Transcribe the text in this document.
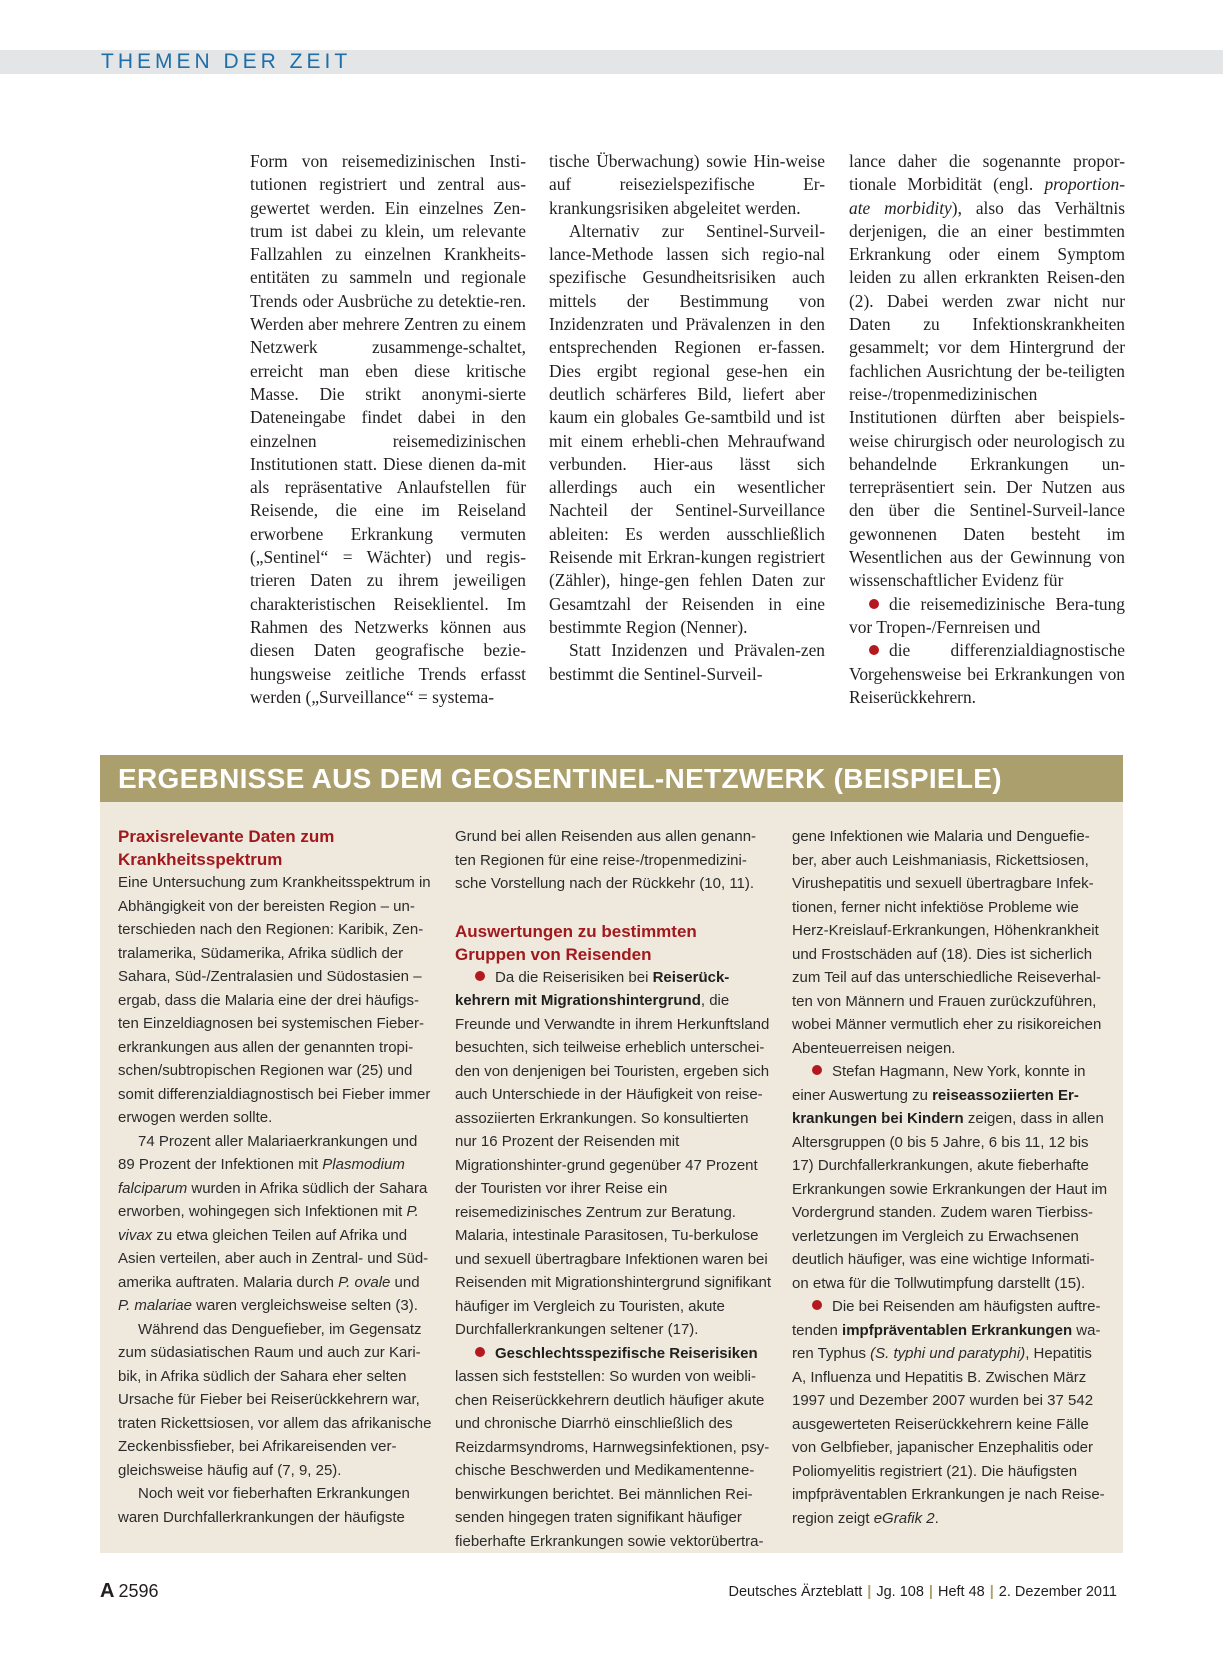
THEMEN DER ZEIT

Form von reisemedizinischen Insti-tutionen registriert und zentral aus-gewertet werden. Ein einzelnes Zen-trum ist dabei zu klein, um relevante Fallzahlen zu einzelnen Krankheits-entitäten zu sammeln und regionale Trends oder Ausbrüche zu detektie-ren. Werden aber mehrere Zentren zu einem Netzwerk zusammenge-schaltet, erreicht man eben diese kritische Masse. Die strikt anonymi-sierte Dateneingabe findet dabei in den einzelnen reisemedizinischen Institutionen statt. Diese dienen da-mit als repräsentative Anlaufstellen für Reisende, die eine im Reiseland erworbene Erkrankung vermuten („Sentinel“ = Wächter) und regis-trieren Daten zu ihrem jeweiligen charakteristischen Reiseklientel. Im Rahmen des Netzwerks können aus diesen Daten geografische bezie-hungsweise zeitliche Trends erfasst werden („Surveillance“ = systema-

tische Überwachung) sowie Hin-weise auf reisezielspezifische Er-krankungsrisiken abgeleitet werden.

Alternativ zur Sentinel-Surveil-lance-Methode lassen sich regio-nal spezifische Gesundheitsrisiken auch mittels der Bestimmung von Inzidenzraten und Prävalenzen in den entsprechenden Regionen er-fassen. Dies ergibt regional gese-hen ein deutlich schärferes Bild, liefert aber kaum ein globales Ge-samtbild und ist mit einem erhebli-chen Mehraufwand verbunden. Hier-aus lässt sich allerdings auch ein wesentlicher Nachteil der Sentinel-Surveillance ableiten: Es werden ausschließlich Reisende mit Erkran-kungen registriert (Zähler), hinge-gen fehlen Daten zur Gesamtzahl der Reisenden in eine bestimmte Region (Nenner).

Statt Inzidenzen und Prävalen-zen bestimmt die Sentinel-Surveil-

lance daher die sogenannte propor-tionale Morbidität (engl. proportion-ate morbidity), also das Verhältnis derjenigen, die an einer bestimmten Erkrankung oder einem Symptom leiden zu allen erkrankten Reisen-den (2). Dabei werden zwar nicht nur Daten zu Infektionskrankheiten gesammelt; vor dem Hintergrund der fachlichen Ausrichtung der be-teiligten reise-/tropenmedizinischen Institutionen dürften aber beispiels-weise chirurgisch oder neurologisch zu behandelnde Erkrankungen un-terrepräsentiert sein. Der Nutzen aus den über die Sentinel-Surveil-lance gewonnenen Daten besteht im Wesentlichen aus der Gewinnung von wissenschaftlicher Evidenz für

die reisemedizinische Bera-tung vor Tropen-/Fernreisen und

die differenzialdiagnostische Vorgehensweise bei Erkrankungen von Reiserückkehrern.

ERGEBNISSE AUS DEM GEOSENTINEL-NETZWERK (BEISPIELE)
Praxisrelevante Daten zum Krankheitsspektrum

Eine Untersuchung zum Krankheitsspektrum in Abhängigkeit von der bereisten Region – un-terschieden nach den Regionen: Karibik, Zen-tralamerika, Südamerika, Afrika südlich der Sahara, Süd-/Zentralasien und Südostasien – ergab, dass die Malaria eine der drei häufigs-ten Einzeldiagnosen bei systemischen Fieber-erkrankungen aus allen der genannten tropi-schen/subtropischen Regionen war (25) und somit differenzialdiagnostisch bei Fieber immer erwogen werden sollte.

74 Prozent aller Malariaerkrankungen und 89 Prozent der Infektionen mit Plasmodium falciparum wurden in Afrika südlich der Sahara erworben, wohingegen sich Infektionen mit P. vivax zu etwa gleichen Teilen auf Afrika und Asien verteilen, aber auch in Zentral- und Süd-amerika auftraten. Malaria durch P. ovale und P. malariae waren vergleichsweise selten (3).

Während das Denguefieber, im Gegensatz zum südasiatischen Raum und auch zur Kari-bik, in Afrika südlich der Sahara eher selten Ursache für Fieber bei Reiserückkehrern war, traten Rickettsiosen, vor allem das afrikanische Zeckenbissfieber, bei Afrikareisenden ver-gleichsweise häufig auf (7, 9, 25).

Noch weit vor fieberhaften Erkrankungen waren Durchfallerkrankungen der häufigste

Grund bei allen Reisenden aus allen genann-ten Regionen für eine reise-/tropenmedizini-sche Vorstellung nach der Rückkehr (10, 11).

Auswertungen zu bestimmten Gruppen von Reisenden

Da die Reiserisiken bei Reiserück-kehrern mit Migrationshintergrund, die Freunde und Verwandte in ihrem Herkunftsland besuchten, sich teilweise erheblich unterschei-den von denjenigen bei Touristen, ergeben sich auch Unterschiede in der Häufigkeit von reise-assoziierten Erkrankungen. So konsultierten nur 16 Prozent der Reisenden mit Migrationshinter-grund gegenüber 47 Prozent der Touristen vor ihrer Reise ein reisemedizinisches Zentrum zur Beratung. Malaria, intestinale Parasitosen, Tu-berkulose und sexuell übertragbare Infektionen waren bei Reisenden mit Migrationshintergrund signifikant häufiger im Vergleich zu Touristen, akute Durchfallerkrankungen seltener (17).

Geschlechtsspezifische Reiserisiken lassen sich feststellen: So wurden von weibli-chen Reiserückkehrern deutlich häufiger akute und chronische Diarrhö einschließlich des Reizdarmsyndroms, Harnwegsinfektionen, psy-chische Beschwerden und Medikamentenne-benwirkungen berichtet. Bei männlichen Rei-senden hingegen traten signifikant häufiger fieberhafte Erkrankungen sowie vektorübertra-

gene Infektionen wie Malaria und Denguefie-ber, aber auch Leishmaniasis, Rickettsiosen, Virushepatitis und sexuell übertragbare Infek-tionen, ferner nicht infektiöse Probleme wie Herz-Kreislauf-Erkrankungen, Höhenkrankheit und Frostschäden auf (18). Dies ist sicherlich zum Teil auf das unterschiedliche Reiseverhal-ten von Männern und Frauen zurückzuführen, wobei Männer vermutlich eher zu risikoreichen Abenteuerreisen neigen.

Stefan Hagmann, New York, konnte in einer Auswertung zu reiseassoziierten Er-krankungen bei Kindern zeigen, dass in allen Altersgruppen (0 bis 5 Jahre, 6 bis 11, 12 bis 17) Durchfallerkrankungen, akute fieberhafte Erkrankungen sowie Erkrankungen der Haut im Vordergrund standen. Zudem waren Tierbiss-verletzungen im Vergleich zu Erwachsenen deutlich häufiger, was eine wichtige Informati-on etwa für die Tollwutimpfung darstellt (15).

Die bei Reisenden am häufigsten auftre-tenden impfpräventablen Erkrankungen wa-ren Typhus (S. typhi und paratyphi), Hepatitis A, Influenza und Hepatitis B. Zwischen März 1997 und Dezember 2007 wurden bei 37 542 ausgewerteten Reiserückkehrern keine Fälle von Gelbfieber, japanischer Enzephalitis oder Poliomyelitis registriert (21). Die häufigsten impfpräventablen Erkrankungen je nach Reise-region zeigt eGrafik 2.

A 2596	Deutsches Ärzteblatt | Jg. 108 | Heft 48 | 2. Dezember 2011
